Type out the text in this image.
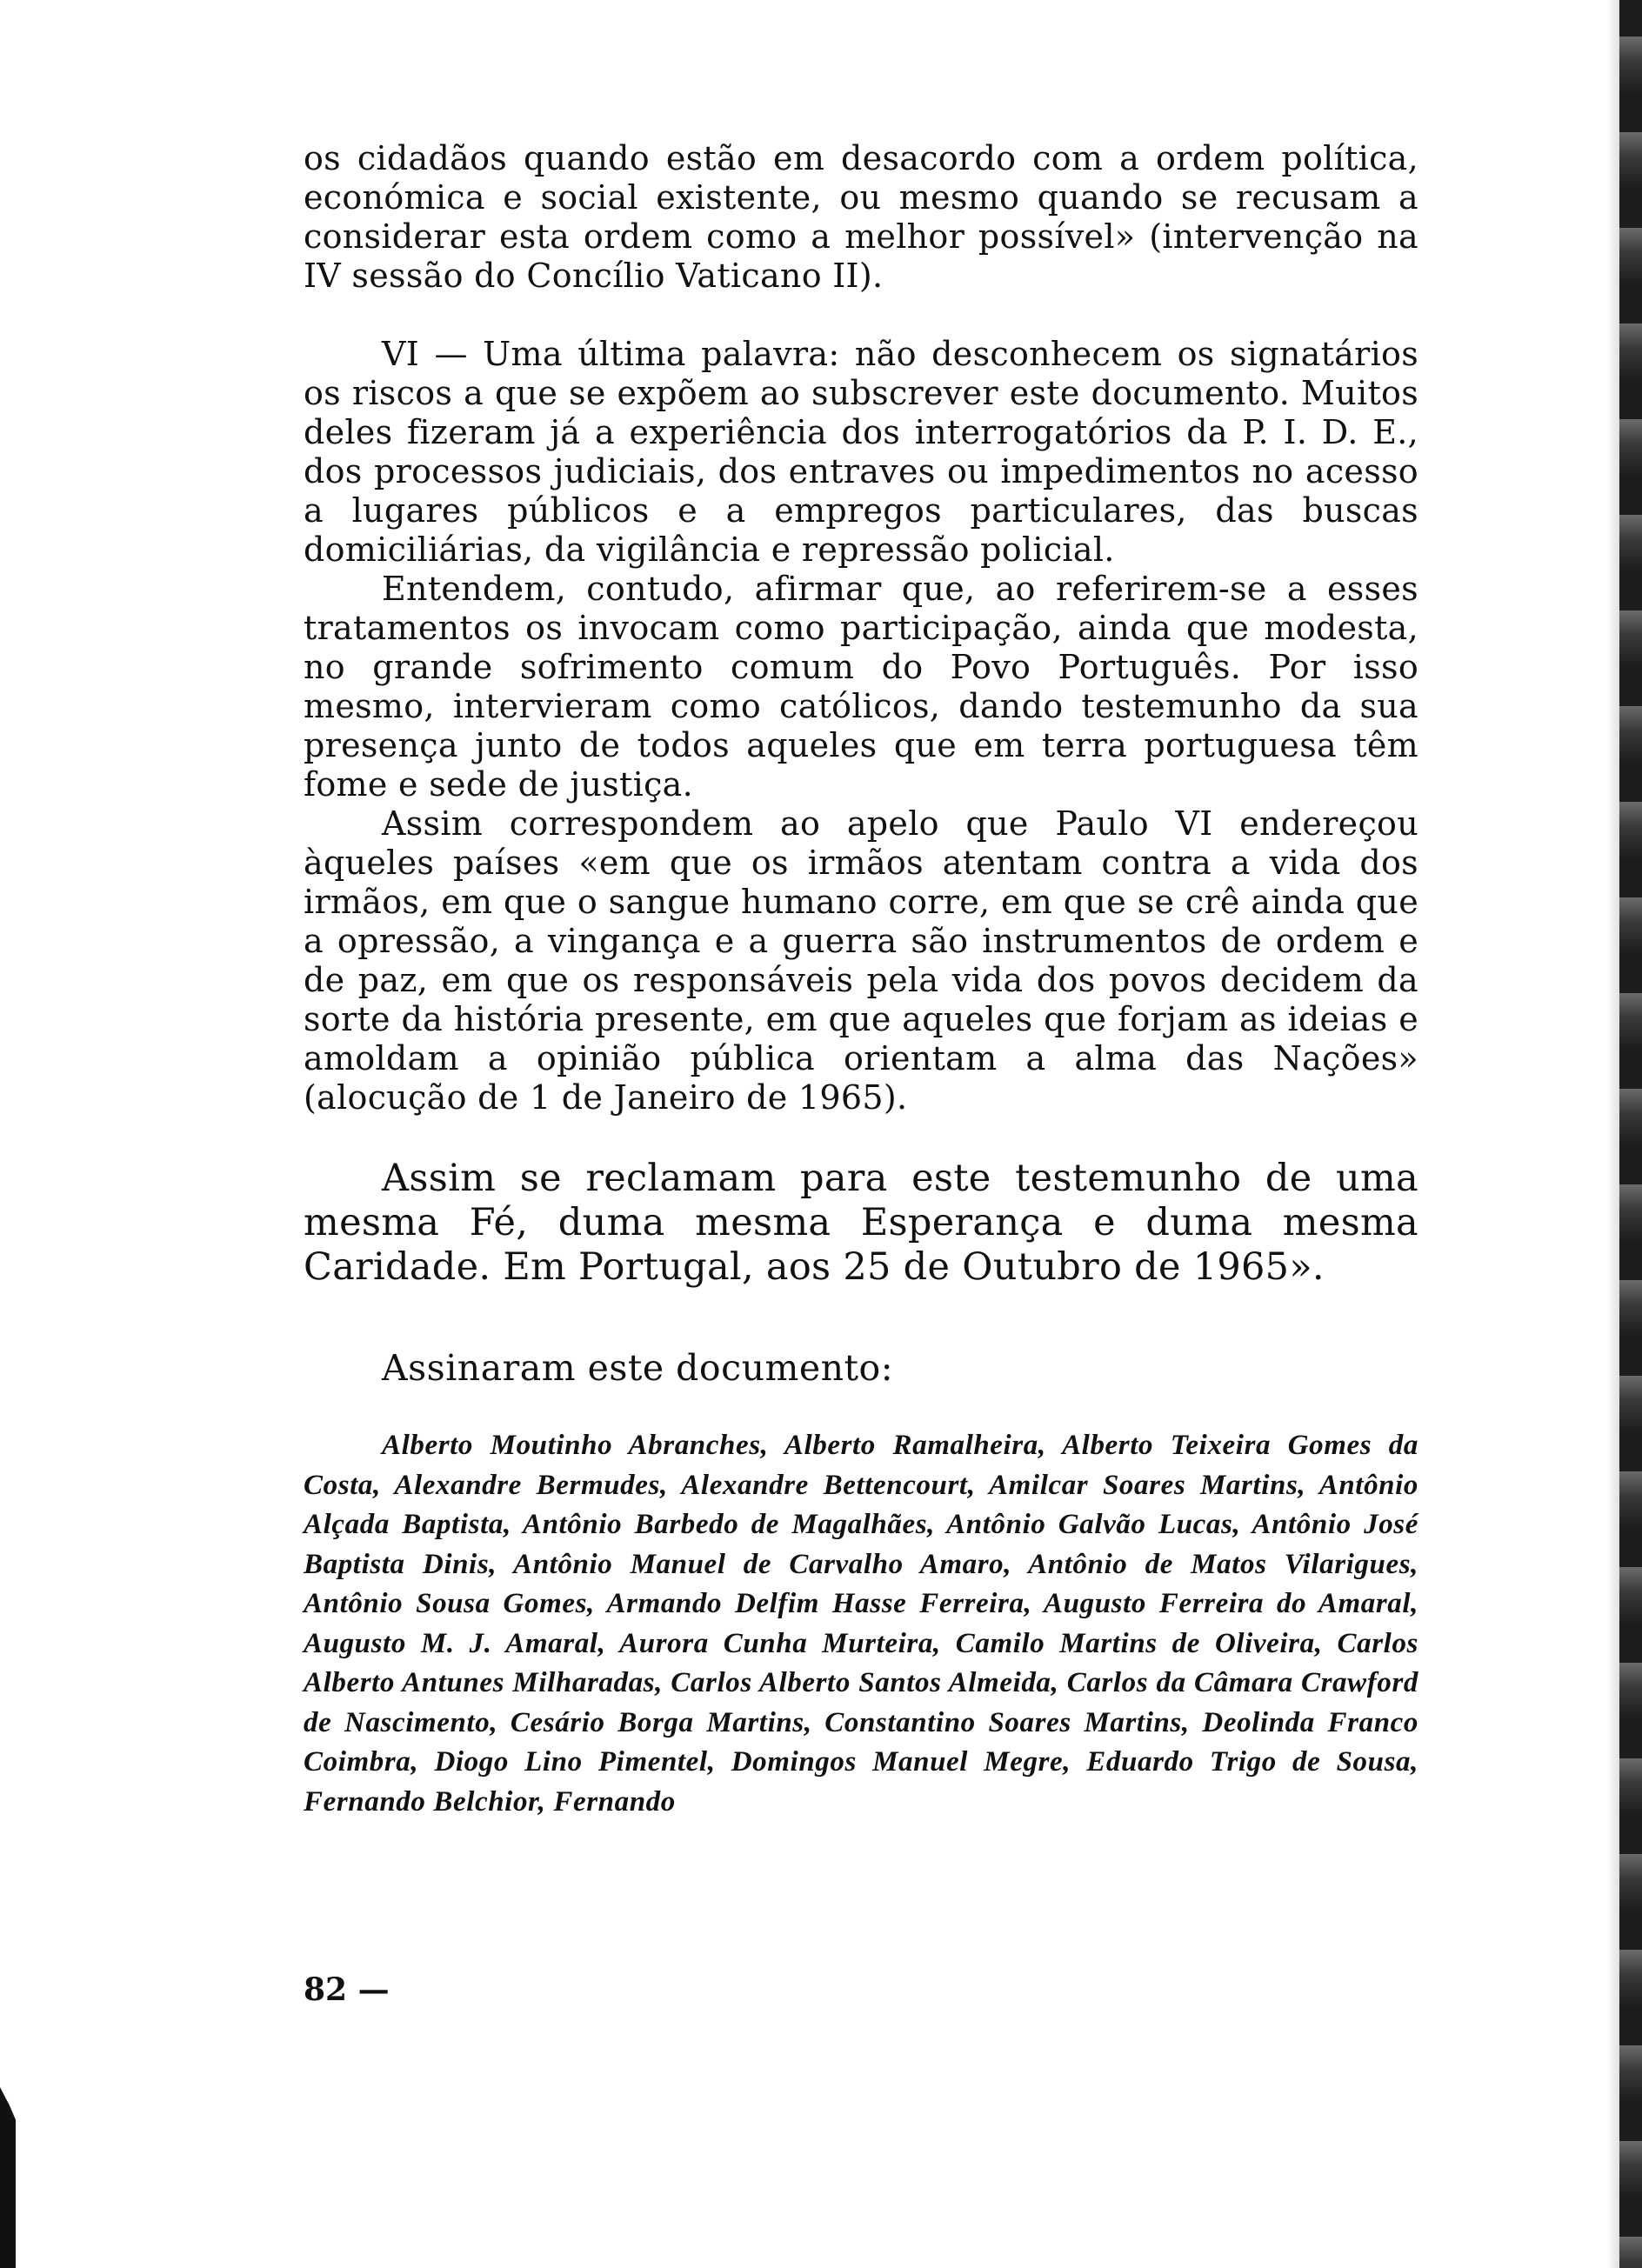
os cidadãos quando estão em desacordo com a ordem política, económica e social existente, ou mesmo quando se recusam a considerar esta ordem como a melhor possível» (intervenção na IV sessão do Concílio Vaticano II).

VI — Uma última palavra: não desconhecem os signatários os riscos a que se expõem ao subscrever este documento. Muitos deles fizeram já a experiência dos interrogatórios da P. I. D. E., dos processos judiciais, dos entraves ou impedimentos no acesso a lugares públicos e a empregos particulares, das buscas domiciliárias, da vigilância e repressão policial.

Entendem, contudo, afirmar que, ao referirem-se a esses tratamentos os invocam como participação, ainda que modesta, no grande sofrimento comum do Povo Português. Por isso mesmo, intervieram como católicos, dando testemunho da sua presença junto de todos aqueles que em terra portuguesa têm fome e sede de justiça.

Assim correspondem ao apelo que Paulo VI endereçou àqueles países «em que os irmãos atentam contra a vida dos irmãos, em que o sangue humano corre, em que se crê ainda que a opressão, a vingança e a guerra são instrumentos de ordem e de paz, em que os responsáveis pela vida dos povos decidem da sorte da história presente, em que aqueles que forjam as ideias e amoldam a opinião pública orientam a alma das Nações» (alocução de 1 de Janeiro de 1965).

Assim se reclamam para este testemunho de uma mesma Fé, duma mesma Esperança e duma mesma Caridade. Em Portugal, aos 25 de Outubro de 1965».

Assinaram este documento:

Alberto Moutinho Abranches, Alberto Ramalheira, Alberto Teixeira Gomes da Costa, Alexandre Bermudes, Alexandre Bettencourt, Amilcar Soares Martins, Antônio Alçada Baptista, Antônio Barbedo de Magalhães, Antônio Galvão Lucas, Antônio José Baptista Dinis, Antônio Manuel de Carvalho Amaro, Antônio de Matos Vilarigues, Antônio Sousa Gomes, Armando Delfim Hasse Ferreira, Augusto Ferreira do Amaral, Augusto M. J. Amaral, Aurora Cunha Murteira, Camilo Martins de Oliveira, Carlos Alberto Antunes Milharadas, Carlos Alberto Santos Almeida, Carlos da Câmara Crawford de Nascimento, Cesário Borga Martins, Constantino Soares Martins, Deolinda Franco Coimbra, Diogo Lino Pimentel, Domingos Manuel Megre, Eduardo Trigo de Sousa, Fernando Belchior, Fernando

82 —
